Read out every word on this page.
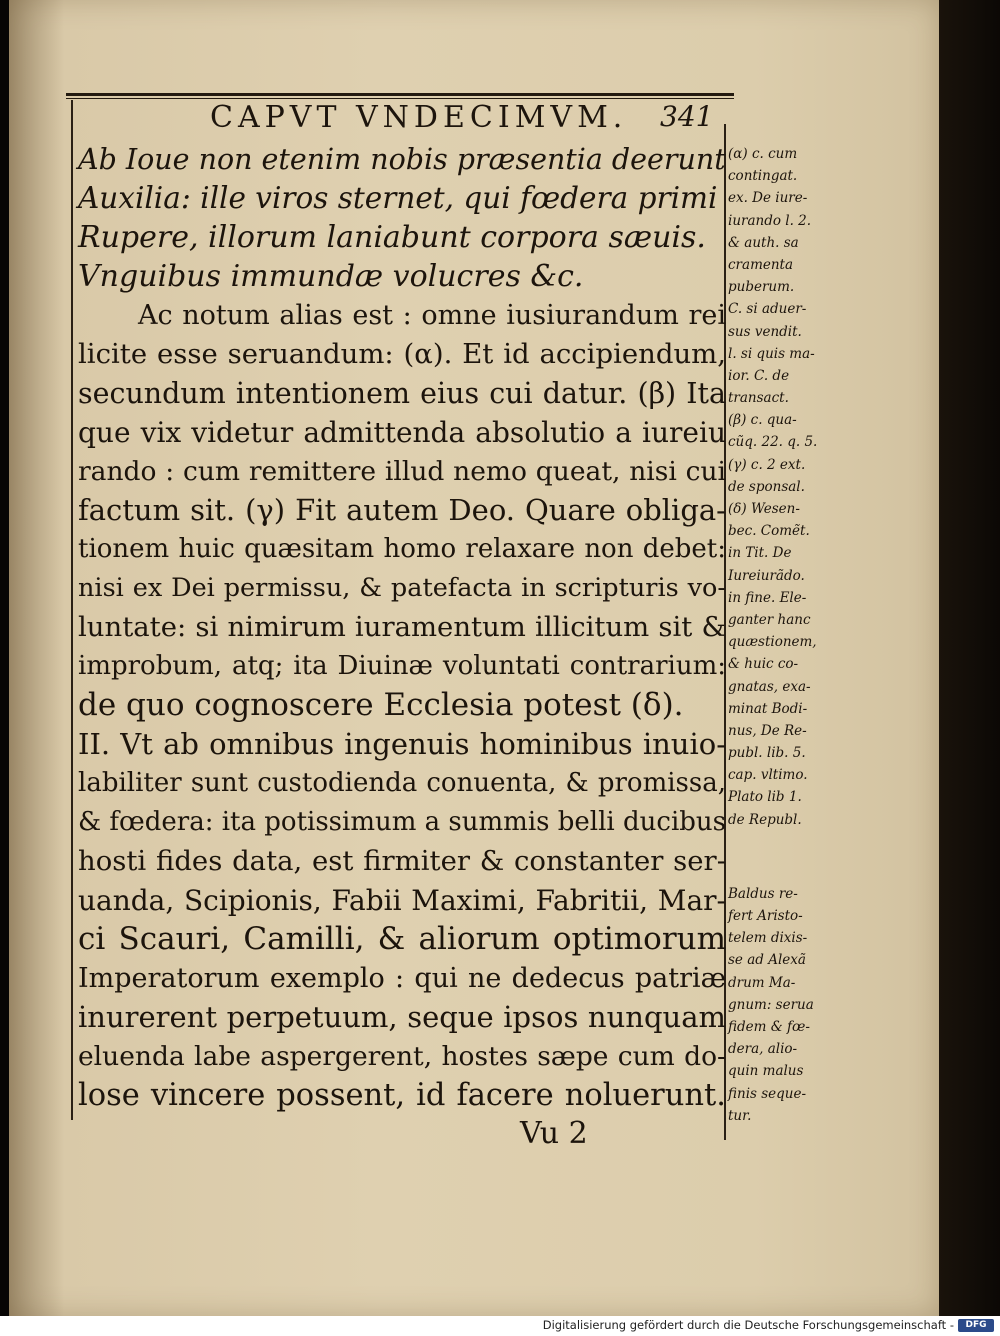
CAPVT VNDECIMVM. 341
Ab Ioue non etenim nobis præsentia deerunt
Auxilia: ille viros sternet, qui fœdera primi
Rupere, illorum laniabunt corpora sæuis.
Vnguibus immundæ volucres &c.
Ac notum alias est : omne iusiurandum rei
licite esse seruandum: (α). Et id accipiendum,
secundum intentionem eius cui datur. (β) Ita
que vix videtur admittenda absolutio a iureiu
rando : cum remittere illud nemo queat, nisi cui
factum sit. (γ) Fit autem Deo. Quare obliga-
tionem huic quæsitam homo relaxare non debet:
nisi ex Dei permissu, & patefacta in scripturis vo-
luntate: si nimirum iuramentum illicitum sit &
improbum, atq; ita Diuinæ voluntati contrarium:
de quo cognoscere Ecclesia potest (δ).
II. Vt ab omnibus ingenuis hominibus inuio-
labiliter sunt custodienda conuenta, & promissa,
& fœdera: ita potissimum a summis belli ducibus
hosti fides data, est firmiter & constanter ser-
uanda, Scipionis, Fabii Maximi, Fabritii, Mar-
ci Scauri, Camilli, & aliorum optimorum
Imperatorum exemplo : qui ne dedecus patriæ
inurerent perpetuum, seque ipsos nunquam
eluenda labe aspergerent, hostes sæpe cum do-
lose vincere possent, id facere noluerunt.
Vu 2
(α) c. cum
contingat.
ex. De iure-
iurando l. 2.
& auth. sa
cramenta
puberum.
C. si aduer-
sus vendit.
l. si quis ma-
ior. C. de
transact.
(β) c. qua-
cũq. 22. q. 5.
(γ) c. 2 ext.
de sponsal.
(δ) Wesen-
bec. Comẽt.
in Tit. De
Iureiurãdo.
in fine. Ele-
ganter hanc
quæstionem,
& huic co-
gnatas, exa-
minat Bodi-
nus, De Re-
publ. lib. 5.
cap. vltimo.
Plato lib 1.
de Republ.
Baldus re-
fert Aristo-
telem dixis-
se ad Alexã
drum Ma-
gnum: serua
fidem & fœ-
dera, alio-
quin malus
finis seque-
tur.
Digitalisierung gefördert durch die Deutsche Forschungsgemeinschaft -	DFG
